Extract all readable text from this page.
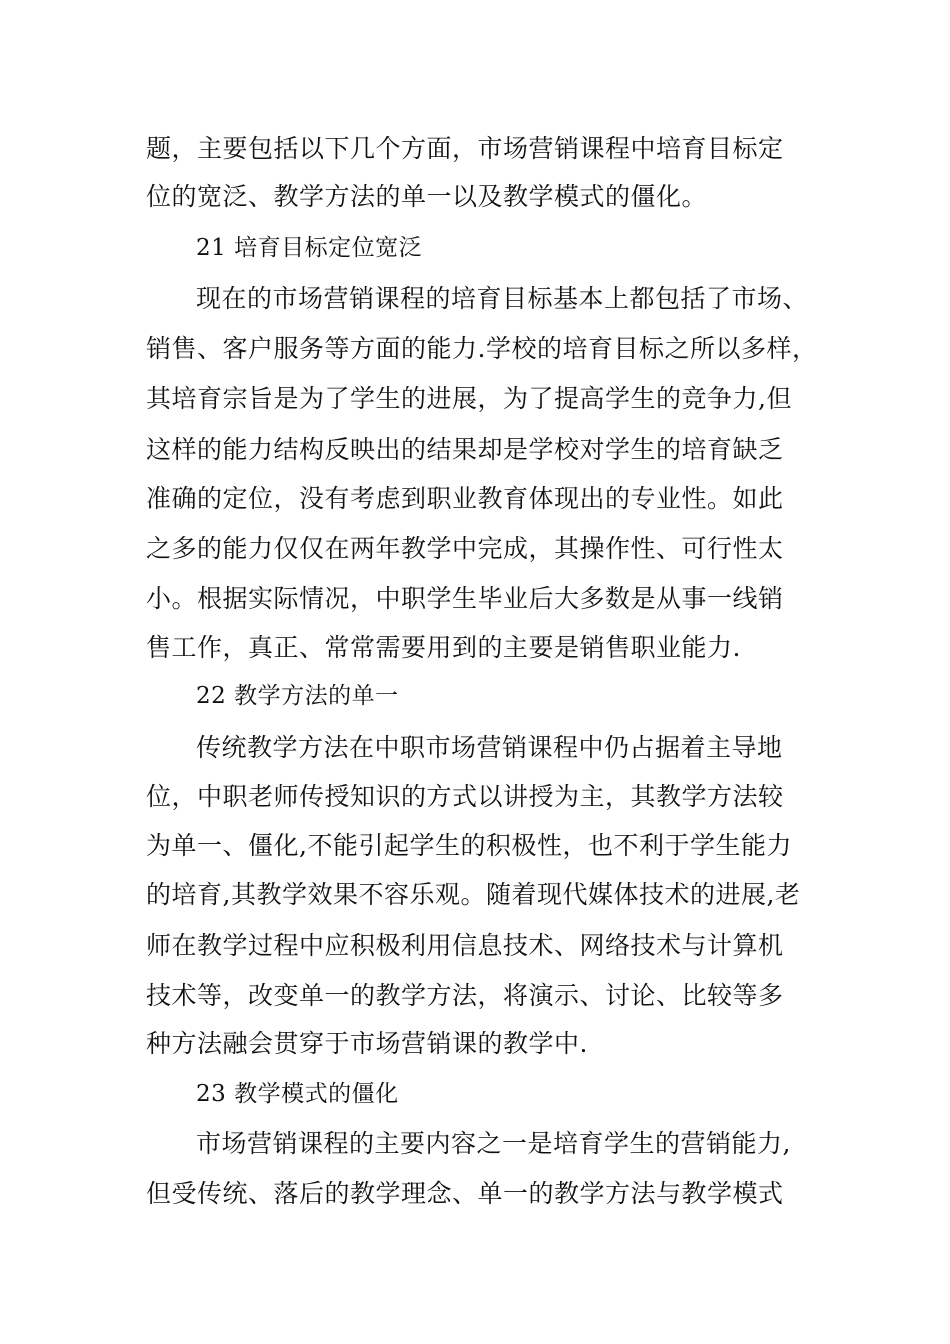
题，主要包括以下几个方面，市场营销课程中培育目标定
位的宽泛、教学方法的单一以及教学模式的僵化。
21 培育目标定位宽泛
现在的市场营销课程的培育目标基本上都包括了市场、
销售、客户服务等方面的能力.学校的培育目标之所以多样，
其培育宗旨是为了学生的进展，为了提高学生的竞争力,但
这样的能力结构反映出的结果却是学校对学生的培育缺乏
准确的定位，没有考虑到职业教育体现出的专业性。如此
之多的能力仅仅在两年教学中完成，其操作性、可行性太
小。根据实际情况，中职学生毕业后大多数是从事一线销
售工作，真正、常常需要用到的主要是销售职业能力.
22 教学方法的单一
传统教学方法在中职市场营销课程中仍占据着主导地
位，中职老师传授知识的方式以讲授为主，其教学方法较
为单一、僵化,不能引起学生的积极性，也不利于学生能力
的培育,其教学效果不容乐观。随着现代媒体技术的进展,老
师在教学过程中应积极利用信息技术、网络技术与计算机
技术等，改变单一的教学方法，将演示、讨论、比较等多
种方法融会贯穿于市场营销课的教学中.
23 教学模式的僵化
市场营销课程的主要内容之一是培育学生的营销能力,
但受传统、落后的教学理念、单一的教学方法与教学模式
